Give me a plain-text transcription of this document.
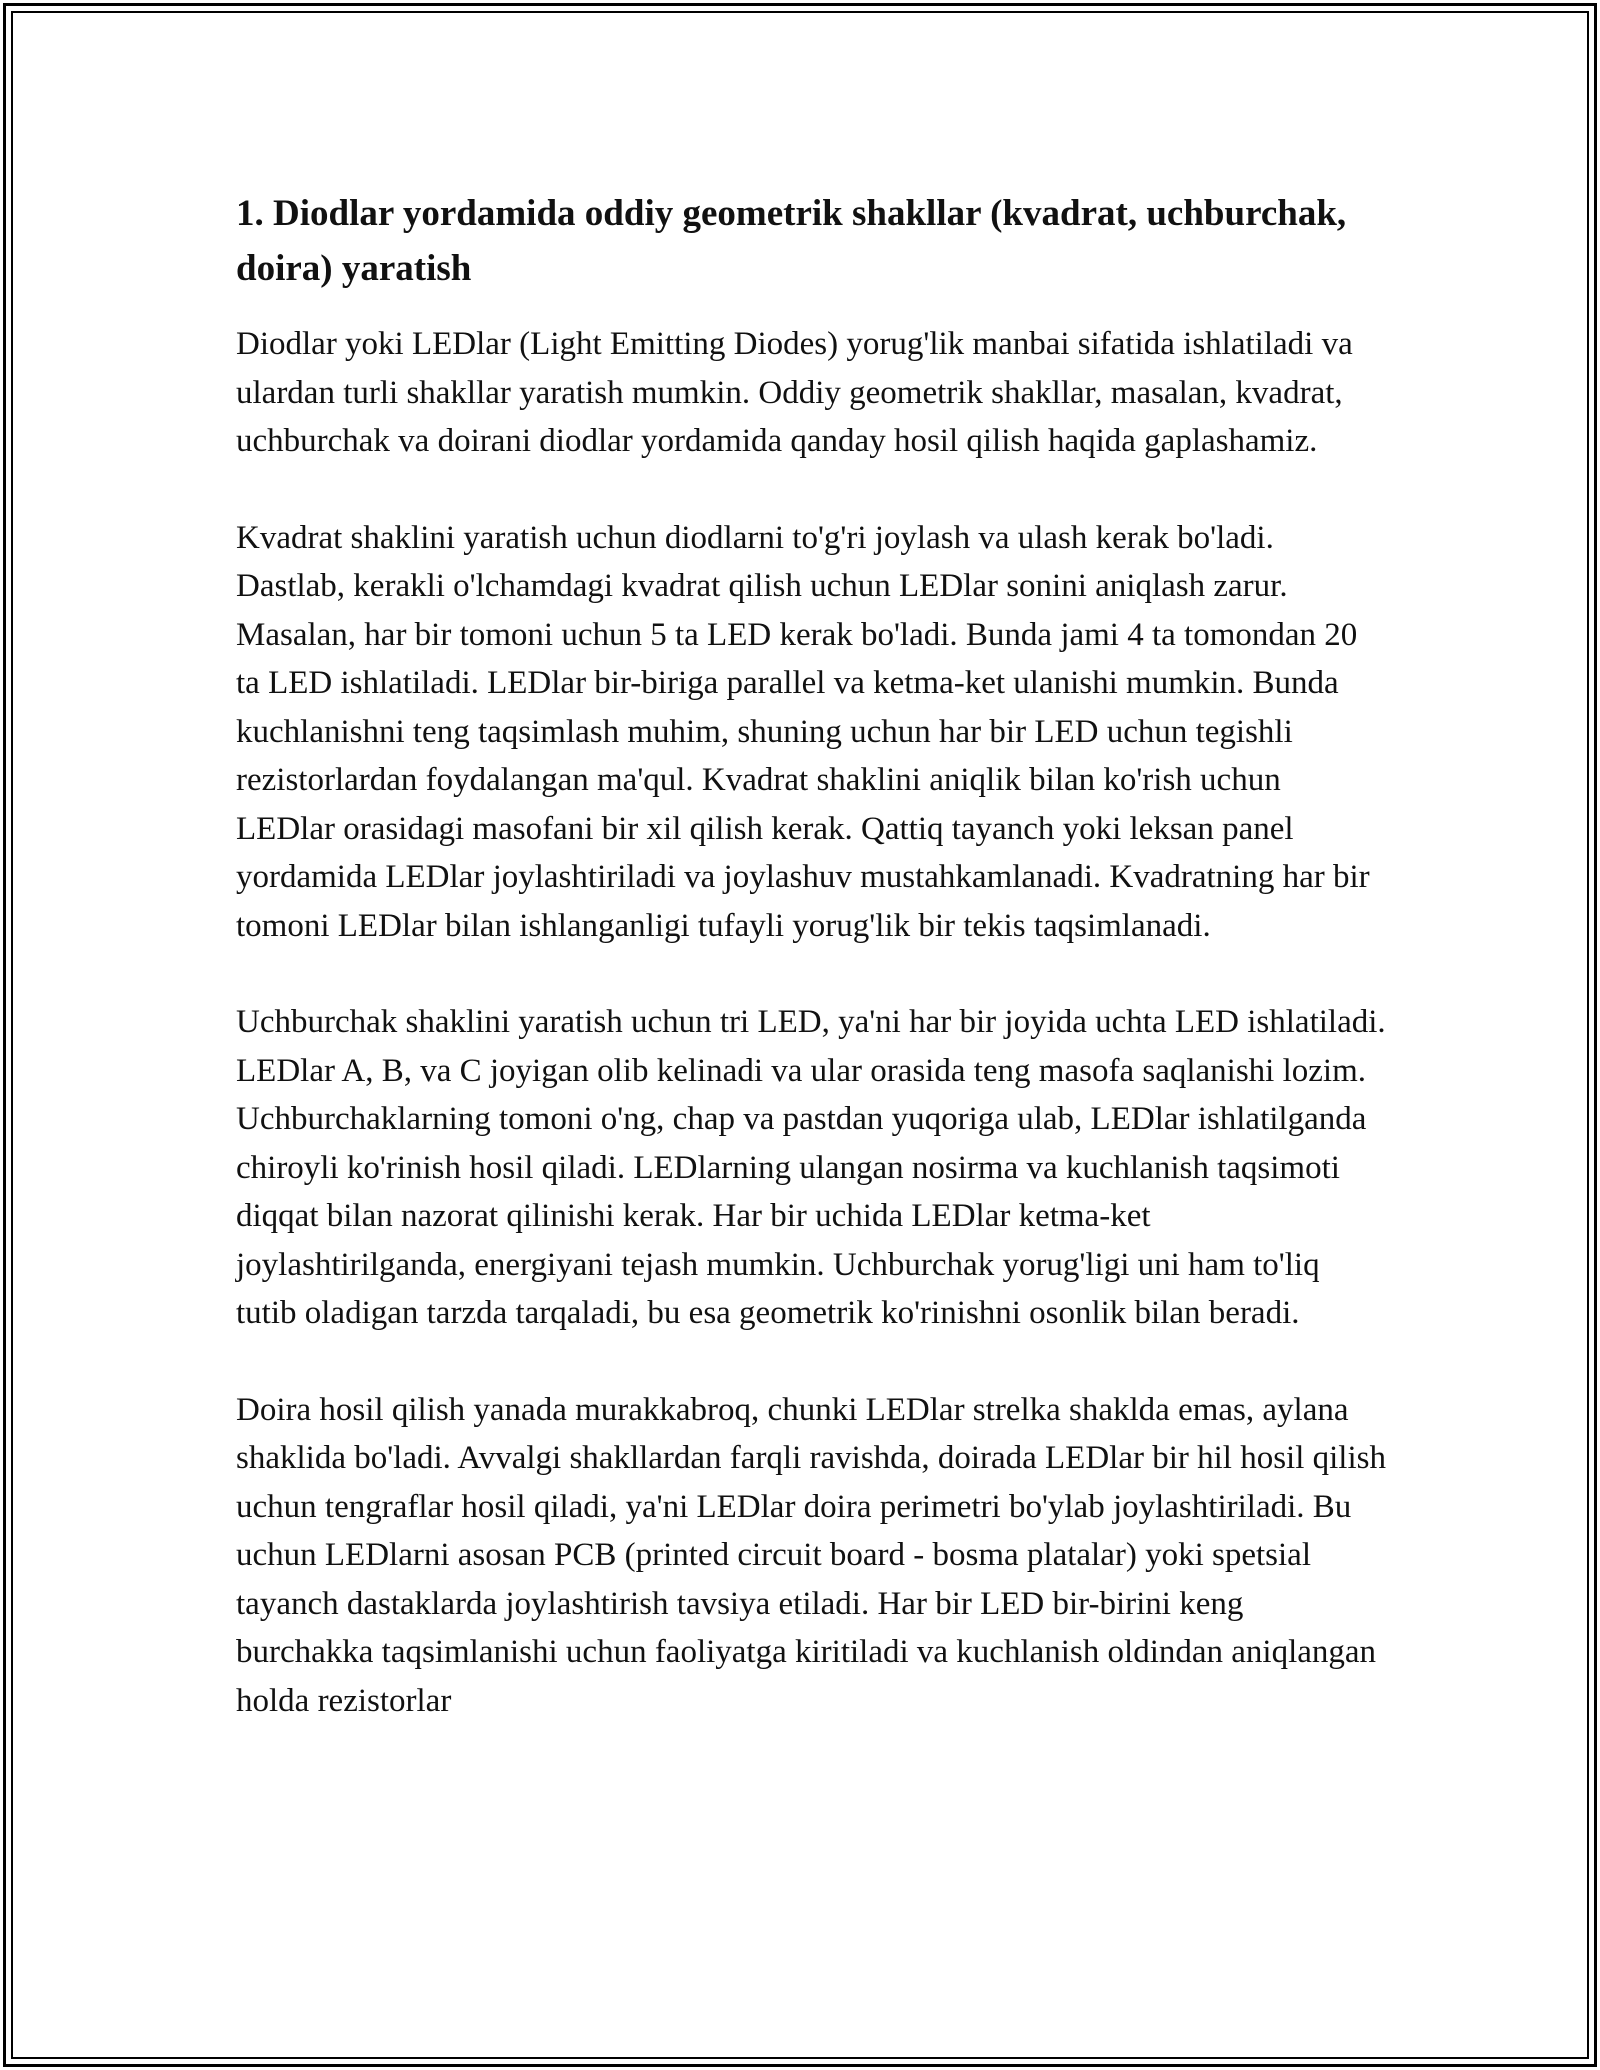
1. Diodlar yordamida oddiy geometrik shakllar (kvadrat, uchburchak, doira) yaratish

Diodlar yoki LEDlar (Light Emitting Diodes) yorug'lik manbai sifatida ishlatiladi va ulardan turli shakllar yaratish mumkin. Oddiy geometrik shakllar, masalan, kvadrat, uchburchak va doirani diodlar yordamida qanday hosil qilish haqida gaplashamiz.

Kvadrat shaklini yaratish uchun diodlarni to'g'ri joylash va ulash kerak bo'ladi. Dastlab, kerakli o'lchamdagi kvadrat qilish uchun LEDlar sonini aniqlash zarur. Masalan, har bir tomoni uchun 5 ta LED kerak bo'ladi. Bunda jami 4 ta tomondan 20 ta LED ishlatiladi. LEDlar bir-biriga parallel va ketma-ket ulanishi mumkin. Bunda kuchlanishni teng taqsimlash muhim, shuning uchun har bir LED uchun tegishli rezistorlardan foydalangan ma'qul. Kvadrat shaklini aniqlik bilan ko'rish uchun LEDlar orasidagi masofani bir xil qilish kerak. Qattiq tayanch yoki leksan panel yordamida LEDlar joylashtiriladi va joylashuv mustahkamlanadi. Kvadratning har bir tomoni LEDlar bilan ishlanganligi tufayli yorug'lik bir tekis taqsimlanadi.

Uchburchak shaklini yaratish uchun tri LED, ya'ni har bir joyida uchta LED ishlatiladi. LEDlar A, B, va C joyigan olib kelinadi va ular orasida teng masofa saqlanishi lozim. Uchburchaklarning tomoni o'ng, chap va pastdan yuqoriga ulab, LEDlar ishlatilganda chiroyli ko'rinish hosil qiladi. LEDlarning ulangan nosirma va kuchlanish taqsimoti diqqat bilan nazorat qilinishi kerak. Har bir uchida LEDlar ketma-ket joylashtirilganda, energiyani tejash mumkin. Uchburchak yorug'ligi uni ham to'liq tutib oladigan tarzda tarqaladi, bu esa geometrik ko'rinishni osonlik bilan beradi.

Doira hosil qilish yanada murakkabroq, chunki LEDlar strelka shakldа emas, aylana shaklida bo'ladi. Avvalgi shakllardan farqli ravishda, doirada LEDlar bir hil hosil qilish uchun tengraflar hosil qiladi, ya'ni LEDlar doira perimetri bo'ylab joylashtiriladi. Bu uchun LEDlarni asosan PCB (printed circuit board - bosma platalar) yoki spetsial tayanch dastaklarda joylashtirish tavsiya etiladi. Har bir LED bir-birini keng burchakka taqsimlanishi uchun faoliyatga kiritiladi va kuchlanish oldindan aniqlangan holda rezistorlar
